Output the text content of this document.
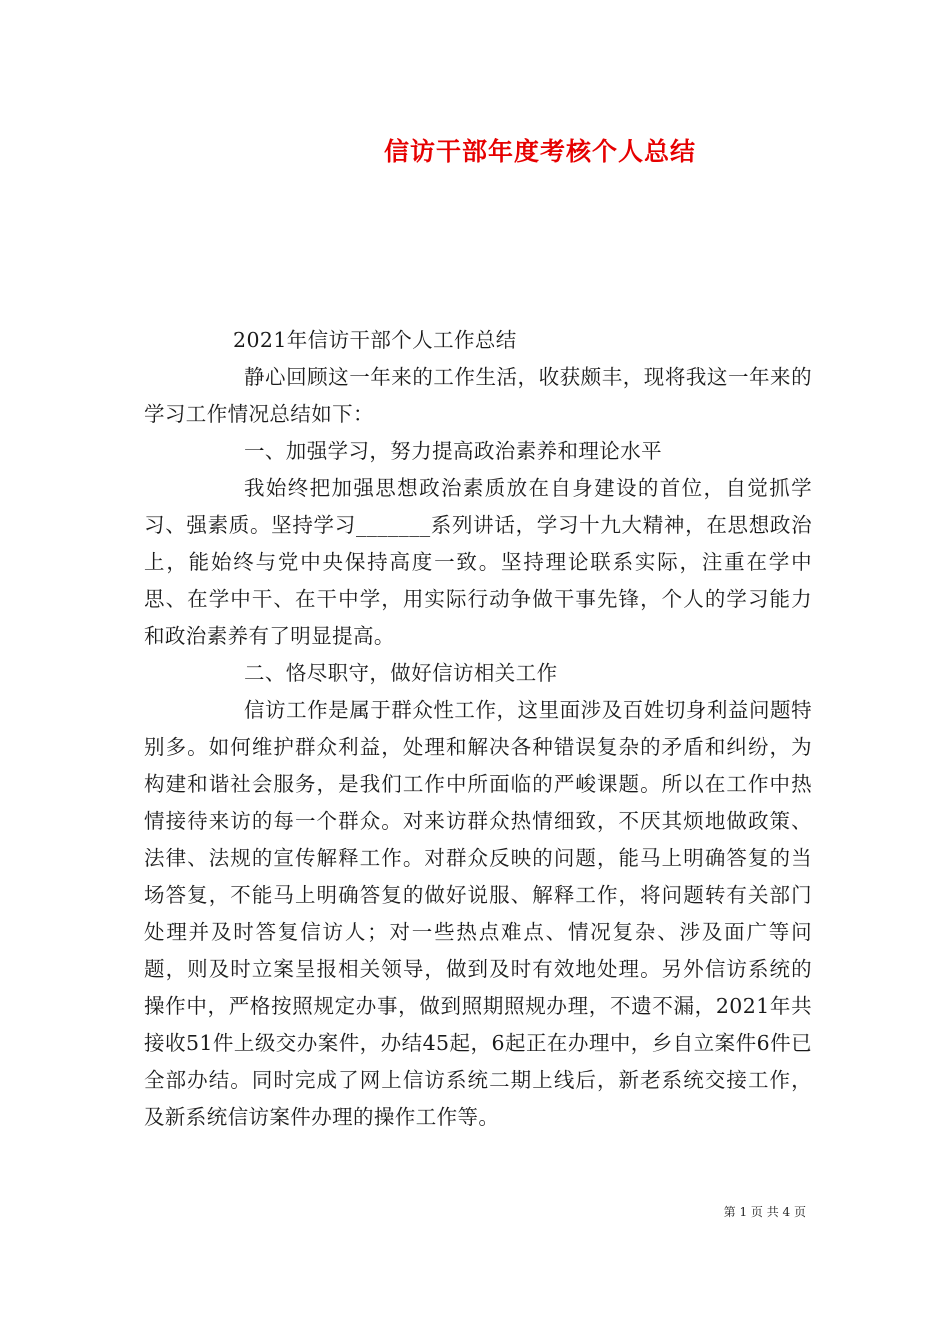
信访干部年度考核个人总结

2021年信访干部个人工作总结

静心回顾这一年来的工作生活，收获颇丰，现将我这一年来的学习工作情况总结如下：

一、加强学习，努力提高政治素养和理论水平

我始终把加强思想政治素质放在自身建设的首位，自觉抓学习、强素质。坚持学习_______系列讲话，学习十九大精神，在思想政治上，能始终与党中央保持高度一致。坚持理论联系实际，注重在学中思、在学中干、在干中学，用实际行动争做干事先锋，个人的学习能力和政治素养有了明显提高。

二、恪尽职守，做好信访相关工作

信访工作是属于群众性工作，这里面涉及百姓切身利益问题特别多。如何维护群众利益，处理和解决各种错误复杂的矛盾和纠纷，为构建和谐社会服务，是我们工作中所面临的严峻课题。所以在工作中热情接待来访的每一个群众。对来访群众热情细致，不厌其烦地做政策、法律、法规的宣传解释工作。对群众反映的问题，能马上明确答复的当场答复，不能马上明确答复的做好说服、解释工作，将问题转有关部门处理并及时答复信访人；对一些热点难点、情况复杂、涉及面广等问题，则及时立案呈报相关领导，做到及时有效地处理。另外信访系统的操作中，严格按照规定办事，做到照期照规办理，不遗不漏，2021年共接收51件上级交办案件，办结45起，6起正在办理中，乡自立案件6件已全部办结。同时完成了网上信访系统二期上线后，新老系统交接工作，及新系统信访案件办理的操作工作等。

第 1 页 共 4 页
